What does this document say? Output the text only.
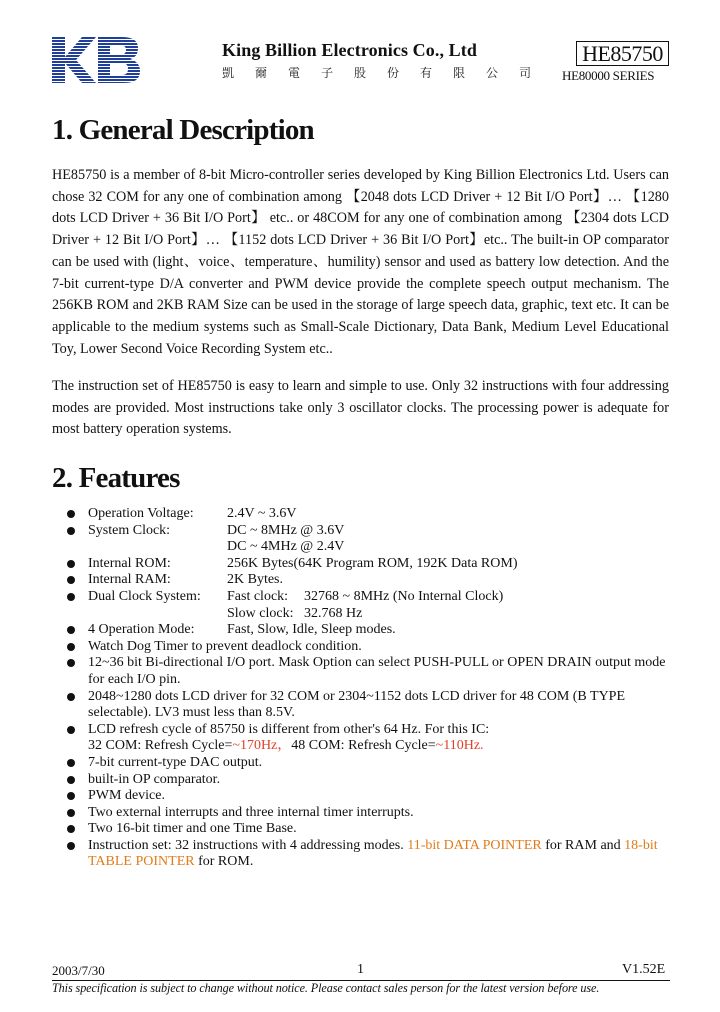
King Billion Electronics Co., Ltd
凱 爾 電 子 股 份 有 限 公 司
HE85750
HE80000 SERIES
1. General Description
HE85750 is a member of 8-bit Micro-controller series developed by King Billion Electronics Ltd. Users can chose 32 COM for any one of combination among 【2048 dots LCD Driver + 12 Bit I/O Port】… 【1280 dots LCD Driver + 36 Bit I/O Port】 etc.. or 48COM for any one of combination among 【2304 dots LCD Driver + 12 Bit I/O Port】… 【1152 dots LCD Driver + 36 Bit I/O Port】etc.. The built-in OP comparator can be used with (light、voice、temperature、humility) sensor and used as battery low detection. And the 7-bit current-type D/A converter and PWM device provide the complete speech output mechanism. The 256KB ROM and 2KB RAM Size can be used in the storage of large speech data, graphic, text etc. It can be applicable to the medium systems such as Small-Scale Dictionary, Data Bank, Medium Level Educational Toy, Lower Second Voice Recording System etc..
The instruction set of HE85750 is easy to learn and simple to use. Only 32 instructions with four addressing modes are provided. Most instructions take only 3 oscillator clocks. The processing power is adequate for most battery operation systems.
2. Features
Operation Voltage: 2.4V ~ 3.6V
System Clock:	DC ~ 8MHz @ 3.6V
DC ~ 4MHz @ 2.4V
Internal ROM:	256K Bytes(64K Program ROM, 192K Data ROM)
Internal RAM:	2K Bytes.
Dual Clock System: Fast clock: 32768 ~ 8MHz (No Internal Clock)
Slow clock: 32.768 Hz
4 Operation Mode: Fast, Slow, Idle, Sleep modes.
Watch Dog Timer to prevent deadlock condition.
12~36 bit Bi-directional I/O port. Mask Option can select PUSH-PULL or OPEN DRAIN output mode for each I/O pin.
2048~1280 dots LCD driver for 32 COM or 2304~1152 dots LCD driver for 48 COM (B TYPE selectable). LV3 must less than 8.5V.
LCD refresh cycle of 85750 is different from other's 64 Hz. For this IC:
32 COM: Refresh Cycle=~170Hz，48 COM: Refresh Cycle=~110Hz.
7-bit current-type DAC output.
built-in OP comparator.
PWM device.
Two external interrupts and three internal timer interrupts.
Two 16-bit timer and one Time Base.
Instruction set: 32 instructions with 4 addressing modes. 11-bit DATA POINTER for RAM and 18-bit TABLE POINTER for ROM.
2003/7/30	1	V1.52E
This specification is subject to change without notice. Please contact sales person for the latest version before use.
